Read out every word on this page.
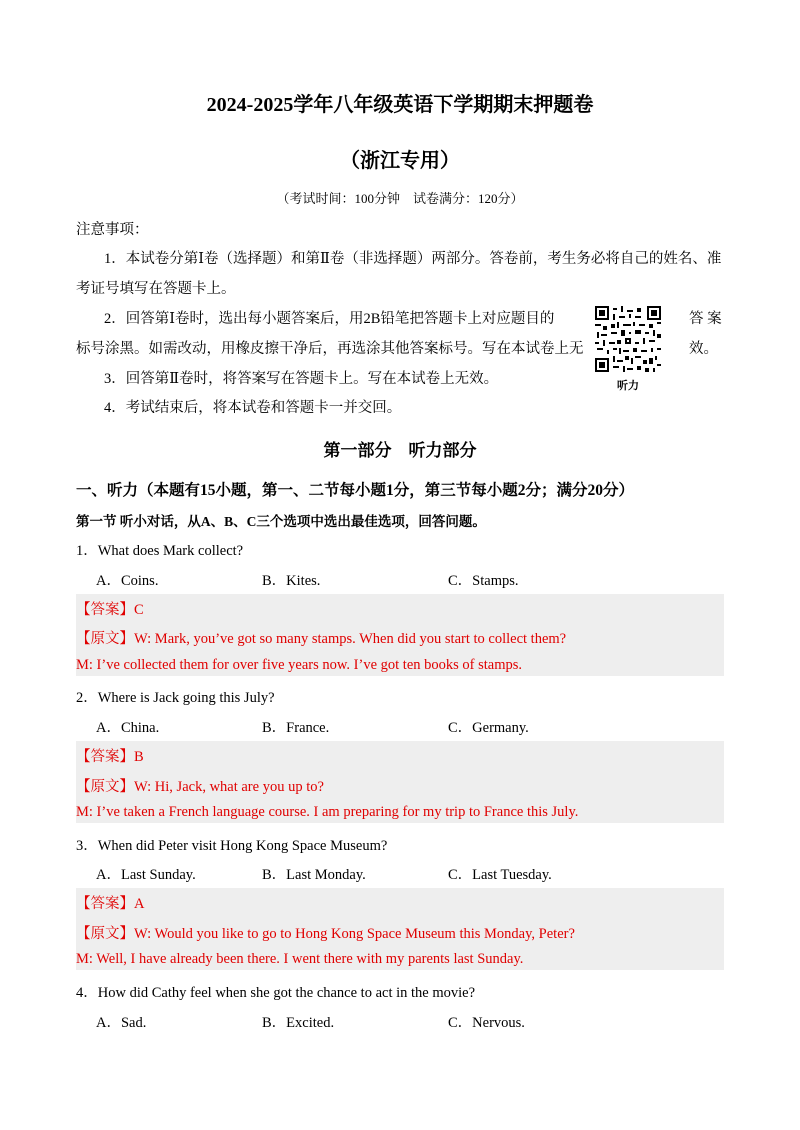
2024-2025学年八年级英语下学期期末押题卷
（浙江专用）
（考试时间：100分钟　试卷满分：120分）
注意事项：
1．本试卷分第Ⅰ卷（选择题）和第Ⅱ卷（非选择题）两部分。答卷前，考生务必将自己的姓名、准
考证号填写在答题卡上。
2．回答第Ⅰ卷时，选出每小题答案后，用2B铅笔把答题卡上对应题目的	答 案
标号涂黑。如需改动，用橡皮擦干净后，再选涂其他答案标号。写在本试卷上无	效。
3．回答第Ⅱ卷时，将答案写在答题卡上。写在本试卷上无效。
4．考试结束后，将本试卷和答题卡一并交回。
听力
第一部分　听力部分
一、听力（本题有15小题，第一、二节每小题1分，第三节每小题2分；满分20分）
第一节 听小对话，从A、B、C三个选项中选出最佳选项，回答问题。
1．What does Mark collect?
A．Coins.	B．Kites.	C．Stamps.
【答案】C
【原文】W: Mark, you’ve got so many stamps. When did you start to collect them?
M: I’ve collected them for over five years now. I’ve got ten books of stamps.
2．Where is Jack going this July?
A．China.	B．France.	C．Germany.
【答案】B
【原文】W: Hi, Jack, what are you up to?
M: I’ve taken a French language course. I am preparing for my trip to France this July.
3．When did Peter visit Hong Kong Space Museum?
A．Last Sunday.	B．Last Monday.	C．Last Tuesday.
【答案】A
【原文】W: Would you like to go to Hong Kong Space Museum this Monday, Peter?
M: Well, I have already been there. I went there with my parents last Sunday.
4．How did Cathy feel when she got the chance to act in the movie?
A．Sad.	B．Excited.	C．Nervous.
